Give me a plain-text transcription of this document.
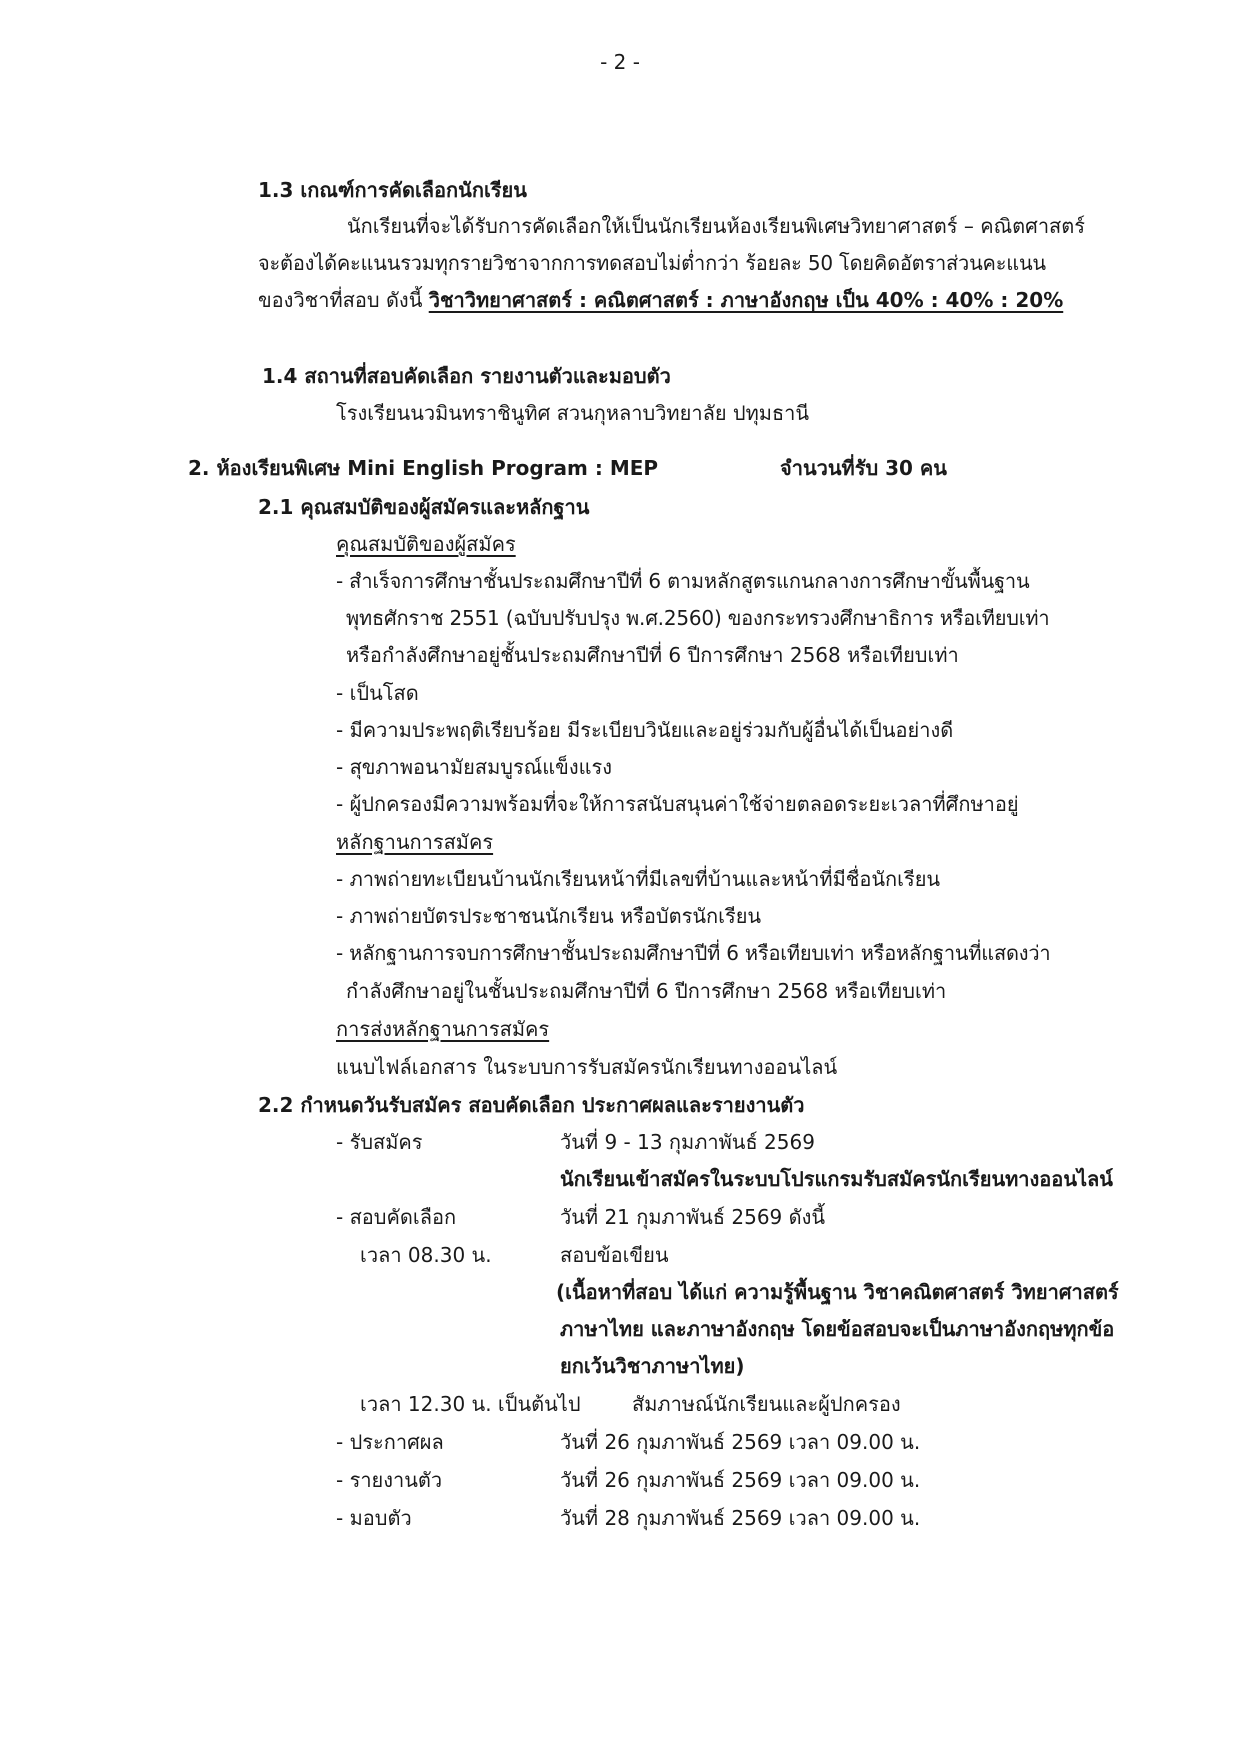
- 2 -
1.3 เกณฑ์การคัดเลือกนักเรียน
นักเรียนที่จะได้รับการคัดเลือกให้เป็นนักเรียนห้องเรียนพิเศษวิทยาศาสตร์ – คณิตศาสตร์
จะต้องได้คะแนนรวมทุกรายวิชาจากการทดสอบไม่ต่ำกว่า ร้อยละ 50 โดยคิดอัตราส่วนคะแนน
ของวิชาที่สอบ ดังนี้ วิชาวิทยาศาสตร์ : คณิตศาสตร์ : ภาษาอังกฤษ เป็น 40% : 40% : 20%
1.4 สถานที่สอบคัดเลือก รายงานตัวและมอบตัว
โรงเรียนนวมินทราชินูทิศ สวนกุหลาบวิทยาลัย ปทุมธานี
2. ห้องเรียนพิเศษ Mini English Program : MEP	จำนวนที่รับ 30 คน
2.1 คุณสมบัติของผู้สมัครและหลักฐาน
คุณสมบัติของผู้สมัคร
- สำเร็จการศึกษาชั้นประถมศึกษาปีที่ 6 ตามหลักสูตรแกนกลางการศึกษาขั้นพื้นฐาน
พุทธศักราช 2551 (ฉบับปรับปรุง พ.ศ.2560) ของกระทรวงศึกษาธิการ หรือเทียบเท่า
หรือกำลังศึกษาอยู่ชั้นประถมศึกษาปีที่ 6 ปีการศึกษา 2568 หรือเทียบเท่า
- เป็นโสด
- มีความประพฤติเรียบร้อย มีระเบียบวินัยและอยู่ร่วมกับผู้อื่นได้เป็นอย่างดี
- สุขภาพอนามัยสมบูรณ์แข็งแรง
- ผู้ปกครองมีความพร้อมที่จะให้การสนับสนุนค่าใช้จ่ายตลอดระยะเวลาที่ศึกษาอยู่
หลักฐานการสมัคร
- ภาพถ่ายทะเบียนบ้านนักเรียนหน้าที่มีเลขที่บ้านและหน้าที่มีชื่อนักเรียน
- ภาพถ่ายบัตรประชาชนนักเรียน หรือบัตรนักเรียน
- หลักฐานการจบการศึกษาชั้นประถมศึกษาปีที่ 6 หรือเทียบเท่า หรือหลักฐานที่แสดงว่า
กำลังศึกษาอยู่ในชั้นประถมศึกษาปีที่ 6 ปีการศึกษา 2568 หรือเทียบเท่า
การส่งหลักฐานการสมัคร
แนบไฟล์เอกสาร ในระบบการรับสมัครนักเรียนทางออนไลน์
2.2 กำหนดวันรับสมัคร สอบคัดเลือก ประกาศผลและรายงานตัว
- รับสมัคร	วันที่ 9 - 13 กุมภาพันธ์ 2569
นักเรียนเข้าสมัครในระบบโปรแกรมรับสมัครนักเรียนทางออนไลน์
- สอบคัดเลือก	วันที่ 21 กุมภาพันธ์ 2569 ดังนี้
เวลา 08.30 น.	สอบข้อเขียน
(เนื้อหาที่สอบ ได้แก่ ความรู้พื้นฐาน วิชาคณิตศาสตร์ วิทยาศาสตร์
ภาษาไทย และภาษาอังกฤษ โดยข้อสอบจะเป็นภาษาอังกฤษทุกข้อ
ยกเว้นวิชาภาษาไทย)
เวลา 12.30 น. เป็นต้นไป	สัมภาษณ์นักเรียนและผู้ปกครอง
- ประกาศผล	วันที่ 26 กุมภาพันธ์ 2569 เวลา 09.00 น.
- รายงานตัว	วันที่ 26 กุมภาพันธ์ 2569 เวลา 09.00 น.
- มอบตัว	วันที่ 28 กุมภาพันธ์ 2569 เวลา 09.00 น.
